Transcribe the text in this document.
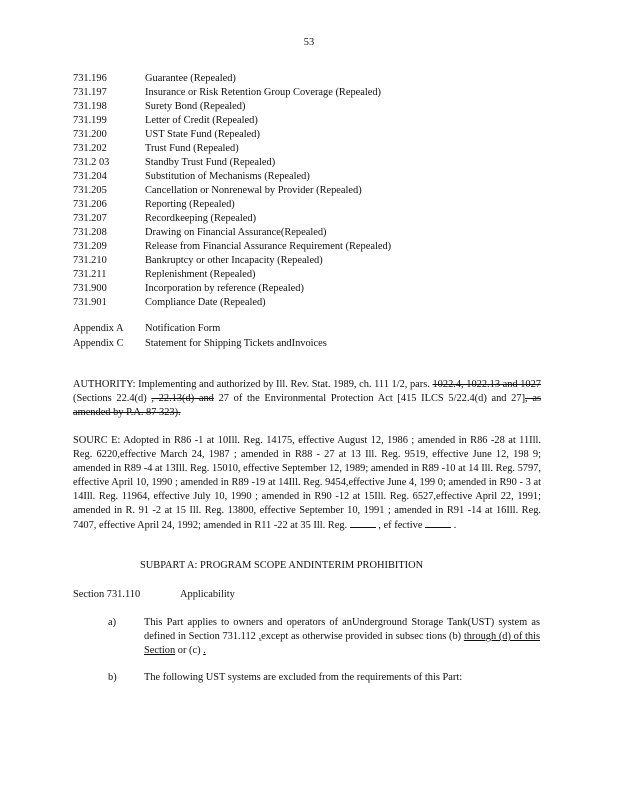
53
731.196	Guarantee (Repealed)
731.197	Insurance or Risk Retention Group Coverage (Repealed)
731.198	Surety Bond (Repealed)
731.199	Letter of Credit (Repealed)
731.200	UST State Fund (Repealed)
731.202	Trust Fund (Repealed)
731.2 03	Standby Trust Fund (Repealed)
731.204	Substitution of Mechanisms (Repealed)
731.205	Cancellation or Nonrenewal by Provider (Repealed)
731.206	Reporting (Repealed)
731.207	Recordkeeping (Repealed)
731.208	Drawing on Financial Assurance(Repealed)
731.209	Release from Financial Assurance Requirement (Repealed)
731.210	Bankruptcy or other Incapacity (Repealed)
731.211	Replenishment (Repealed)
731.900	Incorporation by reference (Repealed)
731.901	Compliance Date (Repealed)
Appendix A Notification Form
Appendix C Statement for Shipping Tickets andInvoices
AUTHORITY: Implementing and authorized by Ill. Rev. Stat. 1989, ch. 111 1/2, pars. 1022.4, 1022.13 and 1027 (Sections 22.4(d) , 22.13(d) and 27 of the Environmental Protection Act [415 ILCS 5/22.4(d) and 27], as amended by P.A. 87 323).
SOURC E: Adopted in R86 -1 at 10Ill. Reg. 14175, effective August 12, 1986 ; amended in R86 -28 at 11Ill. Reg. 6220,effective March 24, 1987 ; amended in R88 - 27 at 13 Ill. Reg. 9519, effective June 12, 198 9; amended in R89 -4 at 13Ill. Reg. 15010, effective September 12, 1989; amended in R89 -10 at 14 Ill. Reg. 5797, effective April 10, 1990 ; amended in R89 -19 at 14Ill. Reg. 9454,effective June 4, 199 0; amended in R90 - 3 at 14Ill. Reg. 11964, effective July 10, 1990 ; amended in R90 -12 at 15Ill. Reg. 6527,effective April 22, 1991; amended in R. 91 -2 at 15 Ill. Reg. 13800, effective September 10, 1991 ; amended in R91 -14 at 16Ill. Reg. 7407, effective April 24, 1992; amended in R11 -22 at 35 Ill. Reg.	, ef fective	.
SUBPART A: PROGRAM SCOPE ANDINTERIM PROHIBITION
Section 731.110	Applicability
a)	This Part applies to owners and operators of anUnderground Storage Tank(UST) system as defined in Section 731.112 ,except as otherwise provided in subsec tions (b) through (d) of this Section or (c) .
b)	The following UST systems are excluded from the requirements of this Part:
